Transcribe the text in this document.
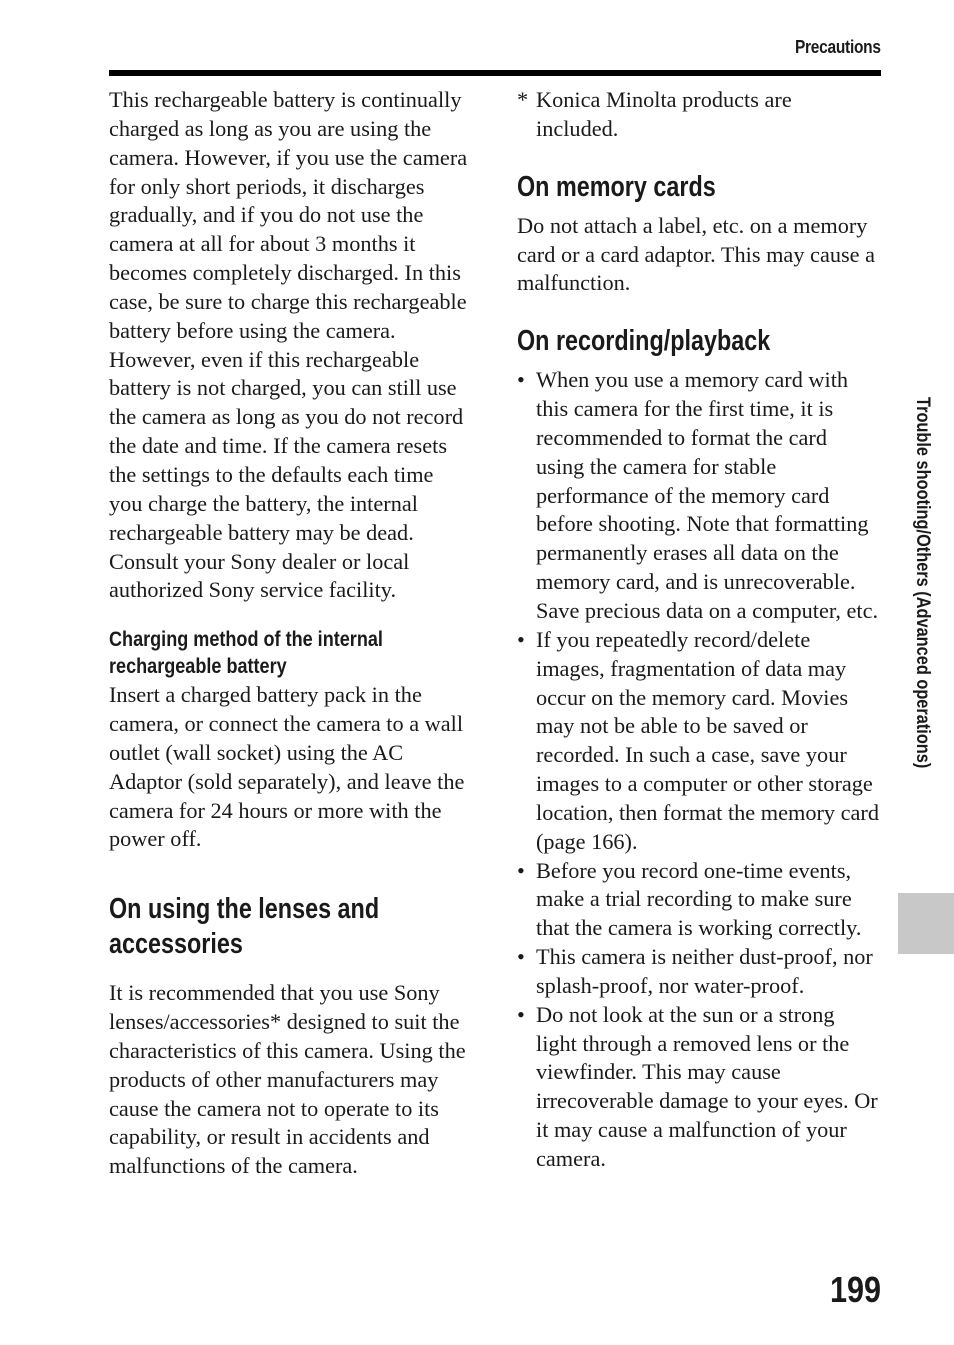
Precautions

This rechargeable battery is continually charged as long as you are using the camera. However, if you use the camera for only short periods, it discharges gradually, and if you do not use the camera at all for about 3 months it becomes completely discharged. In this case, be sure to charge this rechargeable battery before using the camera.

However, even if this rechargeable battery is not charged, you can still use the camera as long as you do not record the date and time. If the camera resets the settings to the defaults each time you charge the battery, the internal rechargeable battery may be dead. Consult your Sony dealer or local authorized Sony service facility.

Charging method of the internal
rechargeable battery

Insert a charged battery pack in the camera, or connect the camera to a wall outlet (wall socket) using the AC Adaptor (sold separately), and leave the camera for 24 hours or more with the power off.

On using the lenses and
accessories

It is recommended that you use Sony lenses/accessories* designed to suit the characteristics of this camera. Using the products of other manufacturers may cause the camera not to operate to its capability, or result in accidents and malfunctions of the camera.

* Konica Minolta products are included.

On memory cards

Do not attach a label, etc. on a memory card or a card adaptor. This may cause a malfunction.

On recording/playback
• When you use a memory card with this camera for the first time, it is recommended to format the card using the camera for stable performance of the memory card before shooting. Note that formatting permanently erases all data on the memory card, and is unrecoverable. Save precious data on a computer, etc.

• If you repeatedly record/delete images, fragmentation of data may occur on the memory card. Movies may not be able to be saved or recorded. In such a case, save your images to a computer or other storage location, then format the memory card (page 166).

• Before you record one-time events, make a trial recording to make sure that the camera is working correctly.

• This camera is neither dust-proof, nor splash-proof, nor water-proof.

• Do not look at the sun or a strong light through a removed lens or the viewfinder. This may cause irrecoverable damage to your eyes. Or it may cause a malfunction of your camera.

Trouble shooting/Others (Advanced operations)
199
